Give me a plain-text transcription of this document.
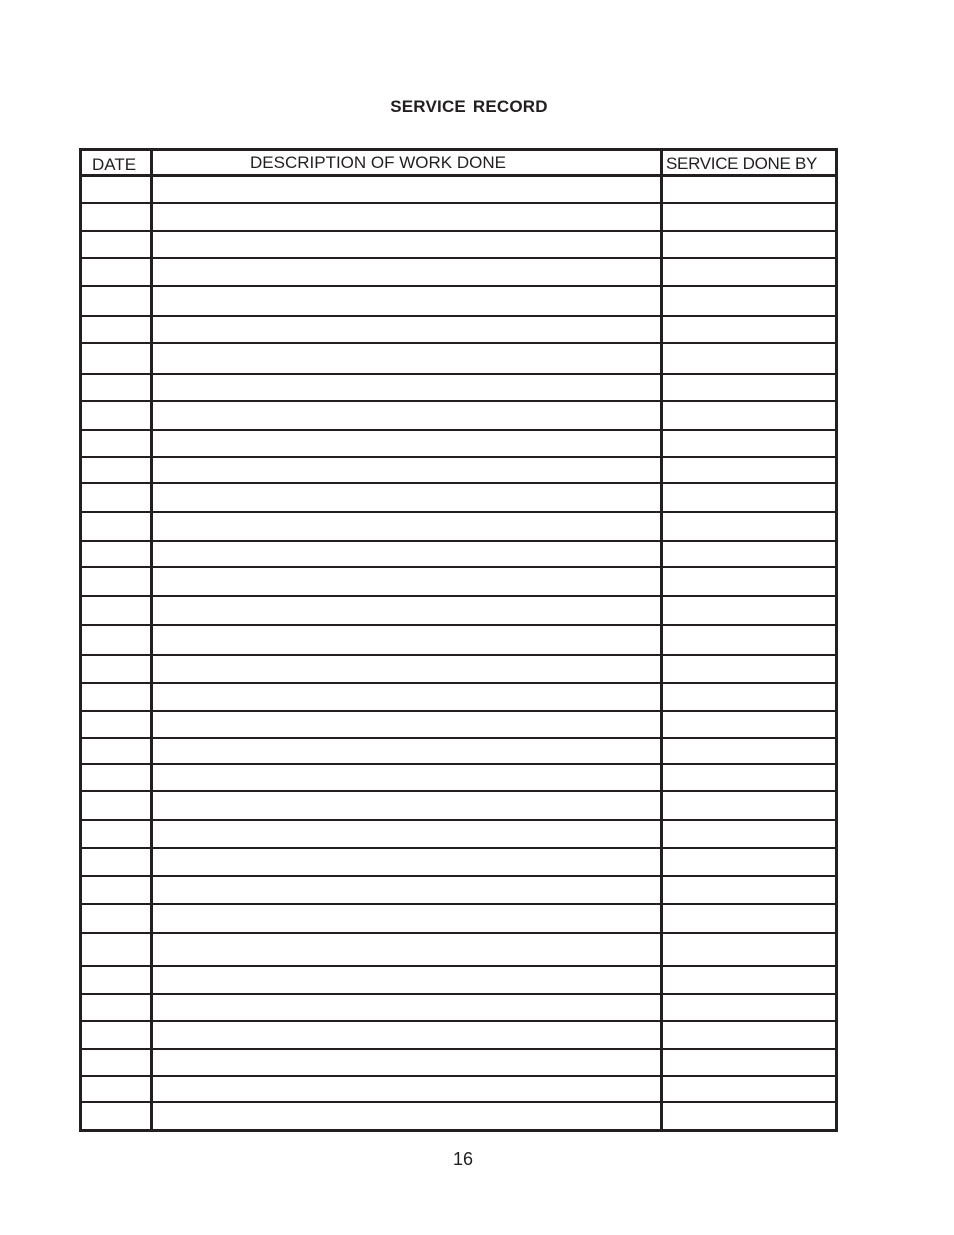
SERVICE RECORD
DATE	DESCRIPTION OF WORK DONE	SERVICE DONE BY
16
